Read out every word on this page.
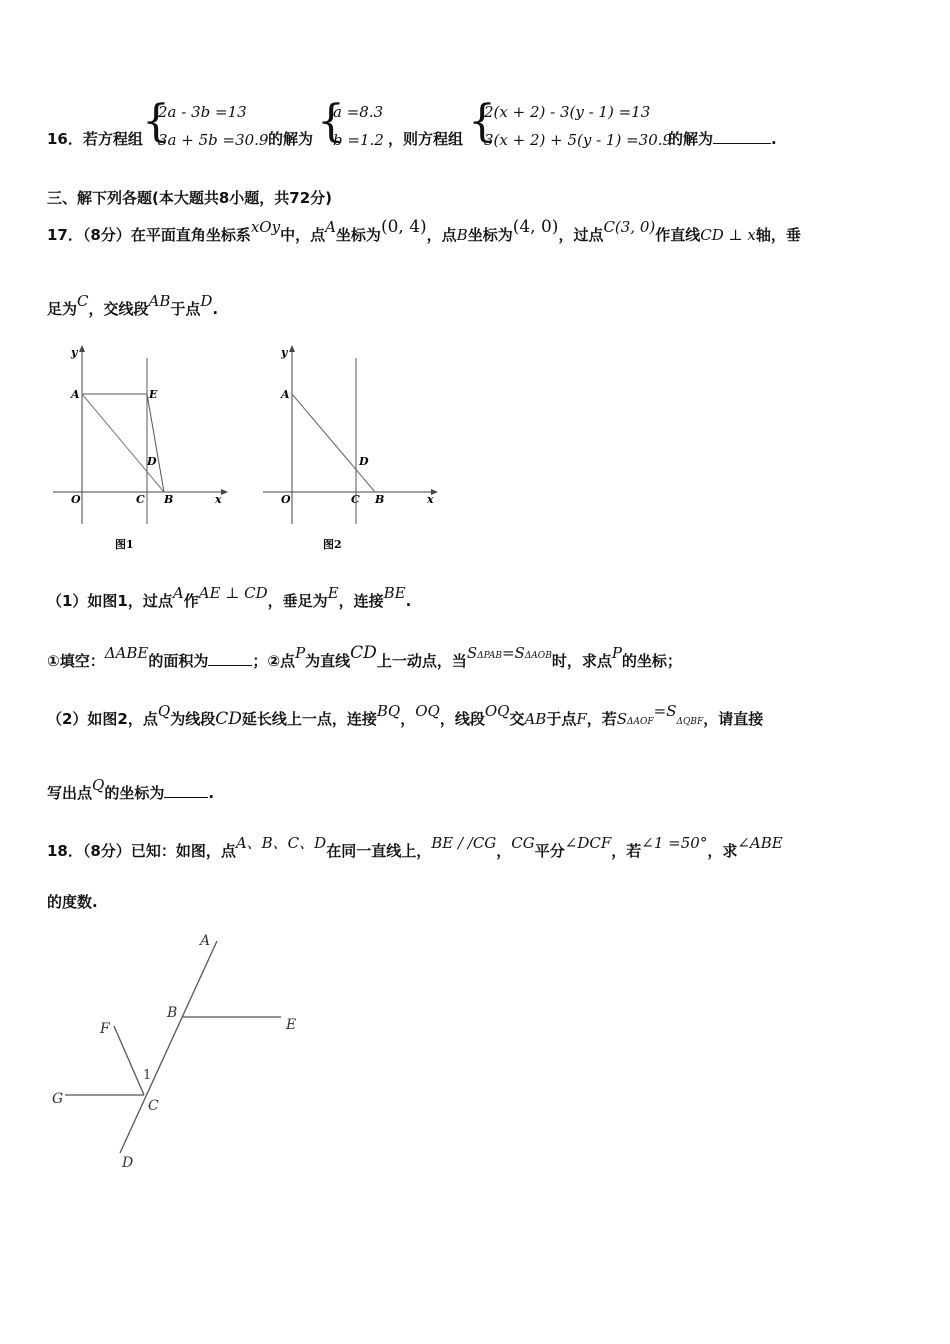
16．若方程组 {
2a - 3b =13
3a + 5b =30.9 的解为 {
a =8.3
b =1.2 ，则方程组 {
2(x + 2) - 3(y - 1) =13
3(x + 2) + 5(y - 1) =30.9
的解为	.
三、解下列各题(本大题共8小题，共72分)
17．（8分）在平面直角坐标系xOy中，点A坐标为(0, 4)，点B坐标为(4, 0)，过点C(3, 0)作直线CD ⊥ x轴，垂
足为C，交线段AB于点D.
y
A	E
D
O	C B	x
图1
y
A
D
O	C B	x
图2
（1）如图1，过点A作AE ⊥ CD，垂足为E，连接BE.
①填空：ΔABE的面积为	；②点P为直线CD上一动点，当$S^{\Delta PAB}=S^{\Delta AOB}$时，求点P的坐标；
（2）如图2，点Q为线段CD延长线上一点，连接BQ，OQ，线段OQ交AB于点F，若SΔAOF=SΔQBF，请直接
写出点Q的坐标为	.
18．（8分）已知：如图，点A、B、C、D在同一直线上，BE / /CG，CG平分∠DCF，若∠1 =50°，求∠ABE
的度数.
A
B
E
F
1
G	C
D
